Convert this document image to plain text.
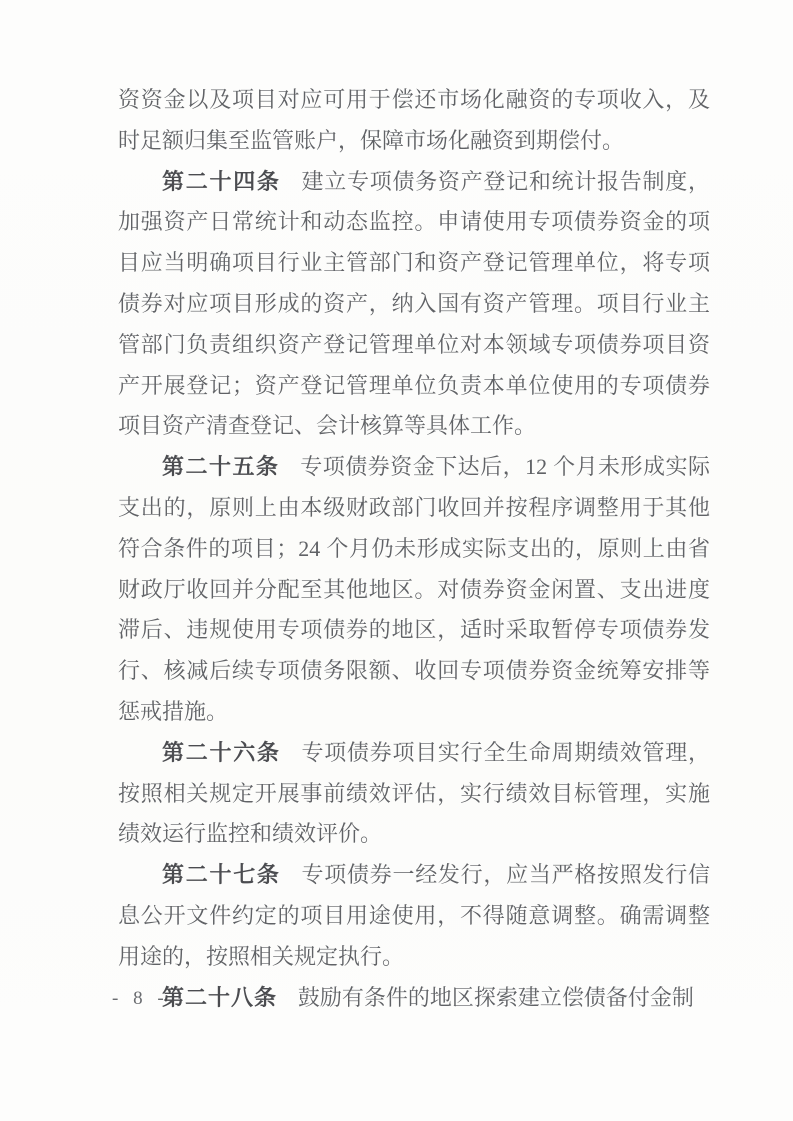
资资金以及项目对应可用于偿还市场化融资的专项收入，及时足额归集至监管账户，保障市场化融资到期偿付。

第二十四条 建立专项债务资产登记和统计报告制度，加强资产日常统计和动态监控。申请使用专项债券资金的项目应当明确项目行业主管部门和资产登记管理单位，将专项债券对应项目形成的资产，纳入国有资产管理。项目行业主管部门负责组织资产登记管理单位对本领域专项债券项目资产开展登记；资产登记管理单位负责本单位使用的专项债券项目资产清查登记、会计核算等具体工作。

第二十五条 专项债券资金下达后，12 个月未形成实际支出的，原则上由本级财政部门收回并按程序调整用于其他符合条件的项目；24 个月仍未形成实际支出的，原则上由省财政厅收回并分配至其他地区。对债券资金闲置、支出进度滞后、违规使用专项债券的地区，适时采取暂停专项债券发行、核减后续专项债务限额、收回专项债券资金统筹安排等惩戒措施。

第二十六条 专项债券项目实行全生命周期绩效管理，按照相关规定开展事前绩效评估，实行绩效目标管理，实施绩效运行监控和绩效评价。

第二十七条 专项债券一经发行，应当严格按照发行信息公开文件约定的项目用途使用，不得随意调整。确需调整用途的，按照相关规定执行。

第二十八条 鼓励有条件的地区探索建立偿债备付金制

- 8 -
